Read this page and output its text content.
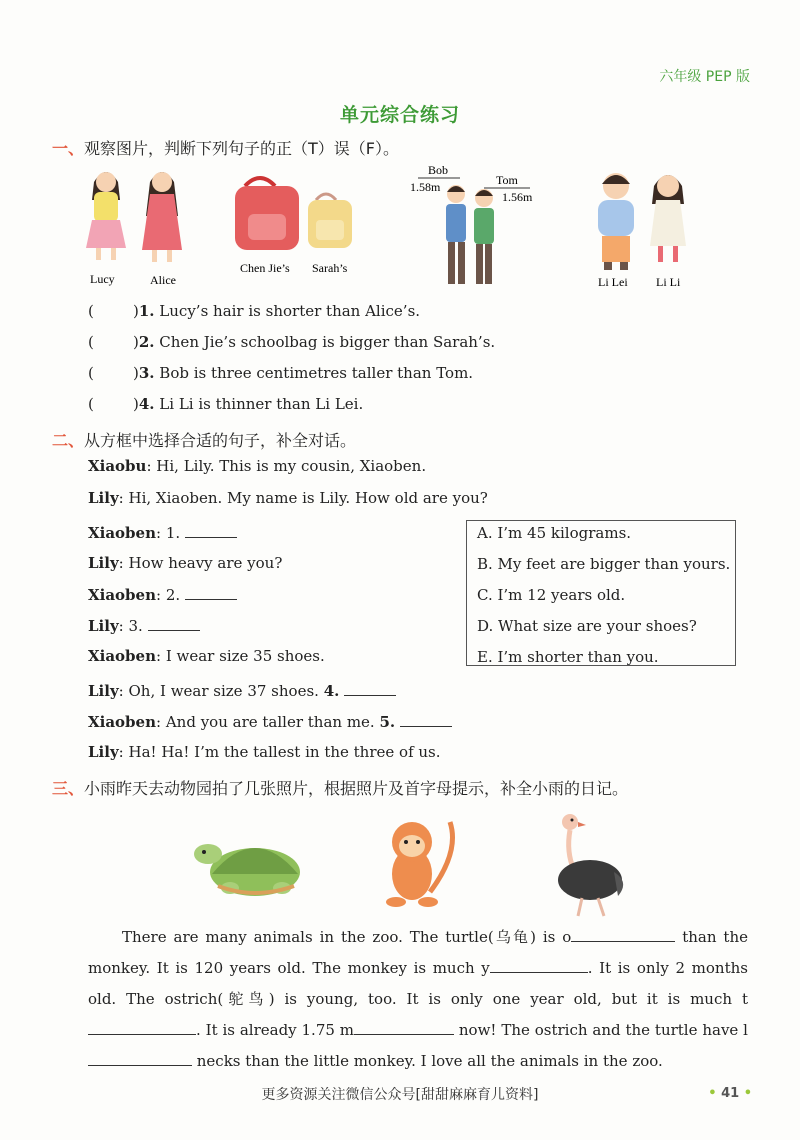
六年级 PEP 版
单元综合练习
一、观察图片，判断下列句子的正（T）误（F）。
Lucy	Alice
Chen Jie’s Sarah’s
Bob
1.58m	Tom
1.56m
Li Lei Li Li
(	)1. Lucy’s hair is shorter than Alice’s.
(	)2. Chen Jie’s schoolbag is bigger than Sarah’s.
(	)3. Bob is three centimetres taller than Tom.
(	)4. Li Li is thinner than Li Lei.
二、从方框中选择合适的句子，补全对话。
Xiaobu: Hi, Lily. This is my cousin, Xiaoben.
Lily: Hi, Xiaoben. My name is Lily. How old are you?
Xiaoben: 1.
Lily: How heavy are you?
Xiaoben: 2.
Lily: 3.
Xiaoben: I wear size 35 shoes.
Lily: Oh, I wear size 37 shoes. 4.
Xiaoben: And you are taller than me. 5.
Lily: Ha! Ha! I’m the tallest in the three of us.
A. I’m 45 kilograms.
B. My feet are bigger than yours.
C. I’m 12 years old.
D. What size are your shoes?
E. I’m shorter than you.
三、小雨昨天去动物园拍了几张照片，根据照片及首字母提示，补全小雨的日记。
There are many animals in the zoo. The turtle(乌龟) is o	than the monkey. It is 120 years old. The monkey is much y	. It is only 2 months old. The ostrich(鸵鸟) is young, too. It is only one year old, but it is much t. It is already 1.75 m	now! The ostrich and the turtle have l necks than the little monkey. I love all the animals in the zoo.
更多资源关注微信公众号[甜甜麻麻育儿资料]	• 41 •
